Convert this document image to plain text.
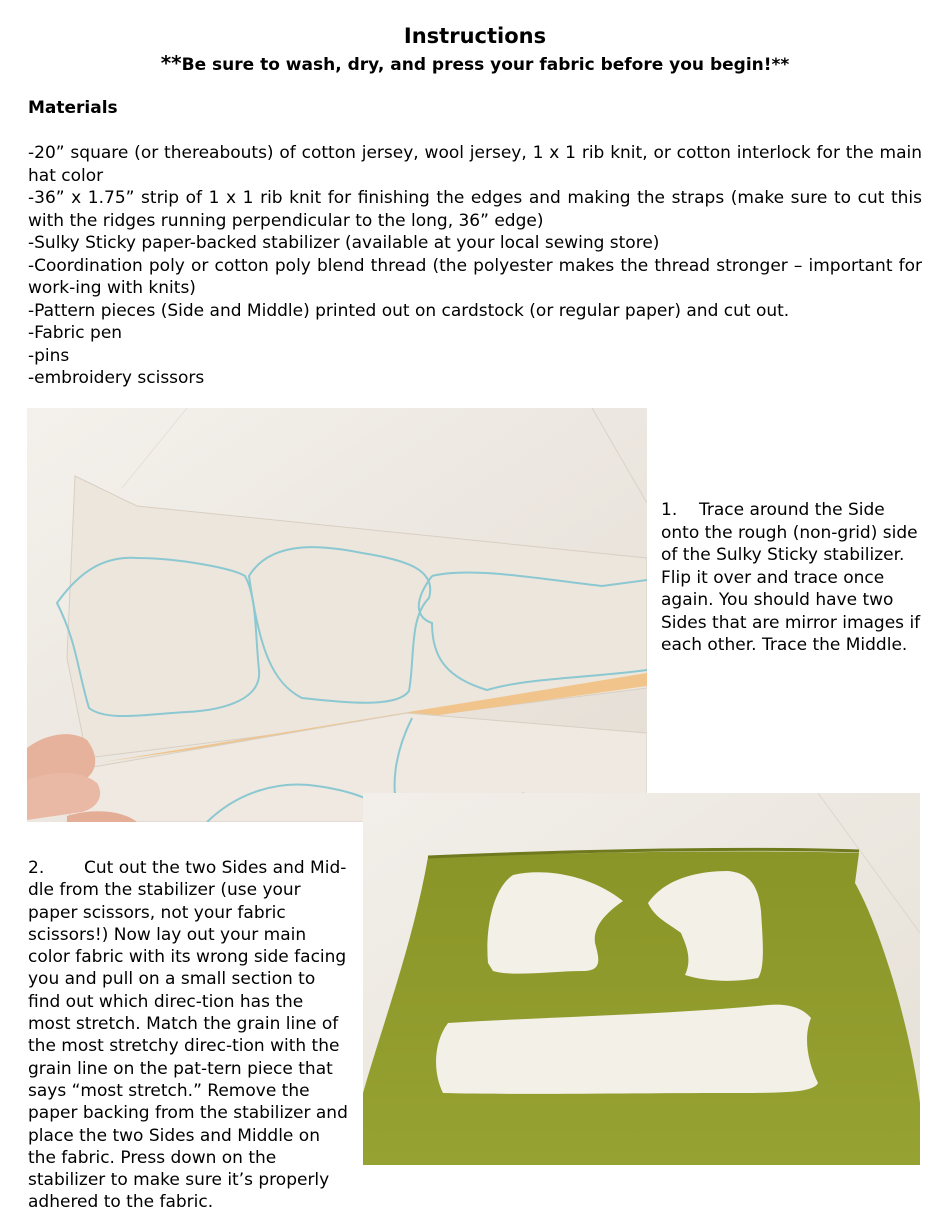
Instructions
**Be sure to wash, dry, and press your fabric before you begin!**
Materials
-20” square (or thereabouts) of cotton jersey, wool jersey, 1 x 1 rib knit, or cotton interlock for the main hat color
-36” x 1.75” strip of 1 x 1 rib knit for finishing the edges and making the straps (make sure to cut this with the ridges running perpendicular to the long, 36” edge)
-Sulky Sticky paper-backed stabilizer (available at your local sewing store)
-Coordination poly or cotton poly blend thread (the polyester makes the thread stronger – important for work-ing with knits)
-Pattern pieces (Side and Middle) printed out on cardstock (or regular paper) and cut out.
-Fabric pen
-pins
-embroidery scissors
1. Trace around the Side onto the rough (non-grid) side of the Sulky Sticky stabilizer. Flip it over and trace once again. You should have two Sides that are mirror images if each other. Trace the Middle.
2. Cut out the two Sides and Mid-dle from the stabilizer (use your paper scissors, not your fabric scissors!) Now lay out your main color fabric with its wrong side facing you and pull on a small section to find out which direc-tion has the most stretch. Match the grain line of the most stretchy direc-tion with the grain line on the pat-tern piece that says “most stretch.” Remove the paper backing from the stabilizer and place the two Sides and Middle on the fabric. Press down on the stabilizer to make sure it’s properly adhered to the fabric.
